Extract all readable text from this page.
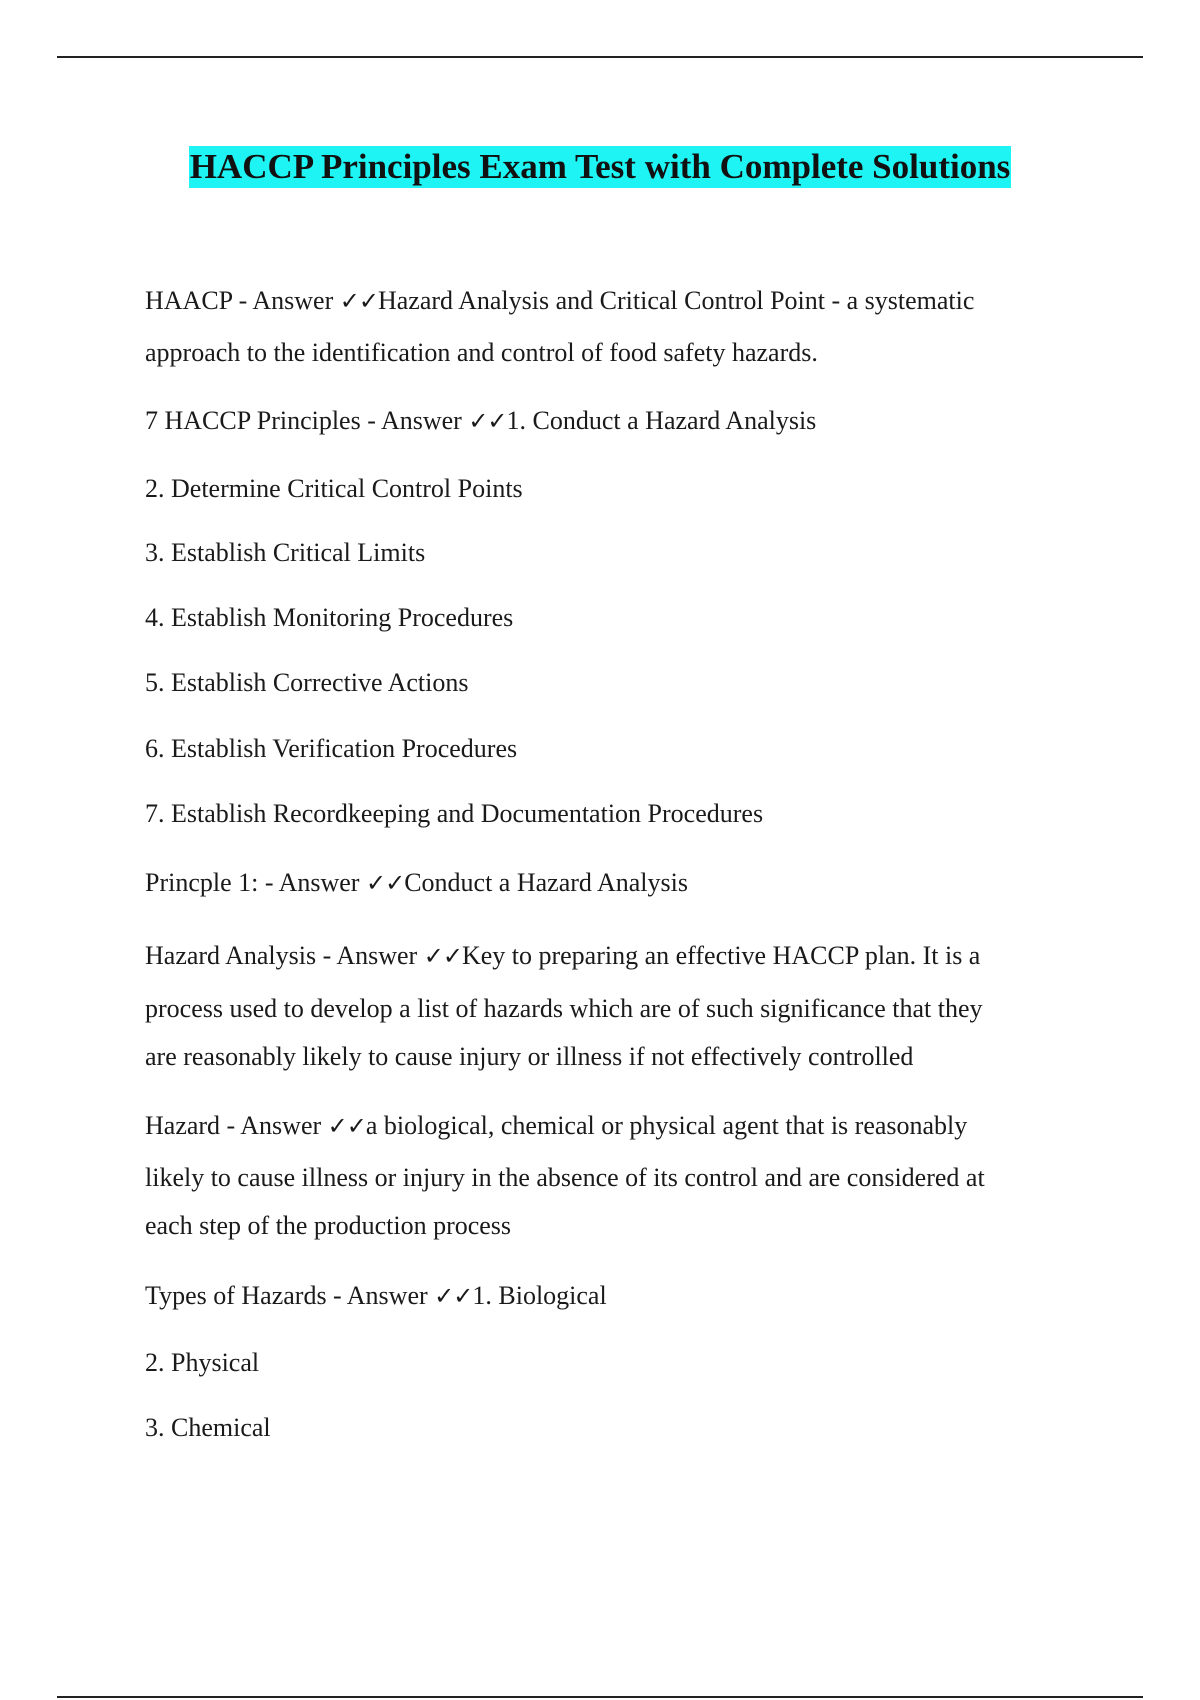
HACCP Principles Exam Test with Complete Solutions
HAACP - Answer ✓✓Hazard Analysis and Critical Control Point - a systematic
approach to the identification and control of food safety hazards.
7 HACCP Principles - Answer ✓✓1. Conduct a Hazard Analysis
2. Determine Critical Control Points
3. Establish Critical Limits
4. Establish Monitoring Procedures
5. Establish Corrective Actions
6. Establish Verification Procedures
7. Establish Recordkeeping and Documentation Procedures
Princple 1: - Answer ✓✓Conduct a Hazard Analysis
Hazard Analysis - Answer ✓✓Key to preparing an effective HACCP plan. It is a
process used to develop a list of hazards which are of such significance that they
are reasonably likely to cause injury or illness if not effectively controlled
Hazard - Answer ✓✓a biological, chemical or physical agent that is reasonably
likely to cause illness or injury in the absence of its control and are considered at
each step of the production process
Types of Hazards - Answer ✓✓1. Biological
2. Physical
3. Chemical
